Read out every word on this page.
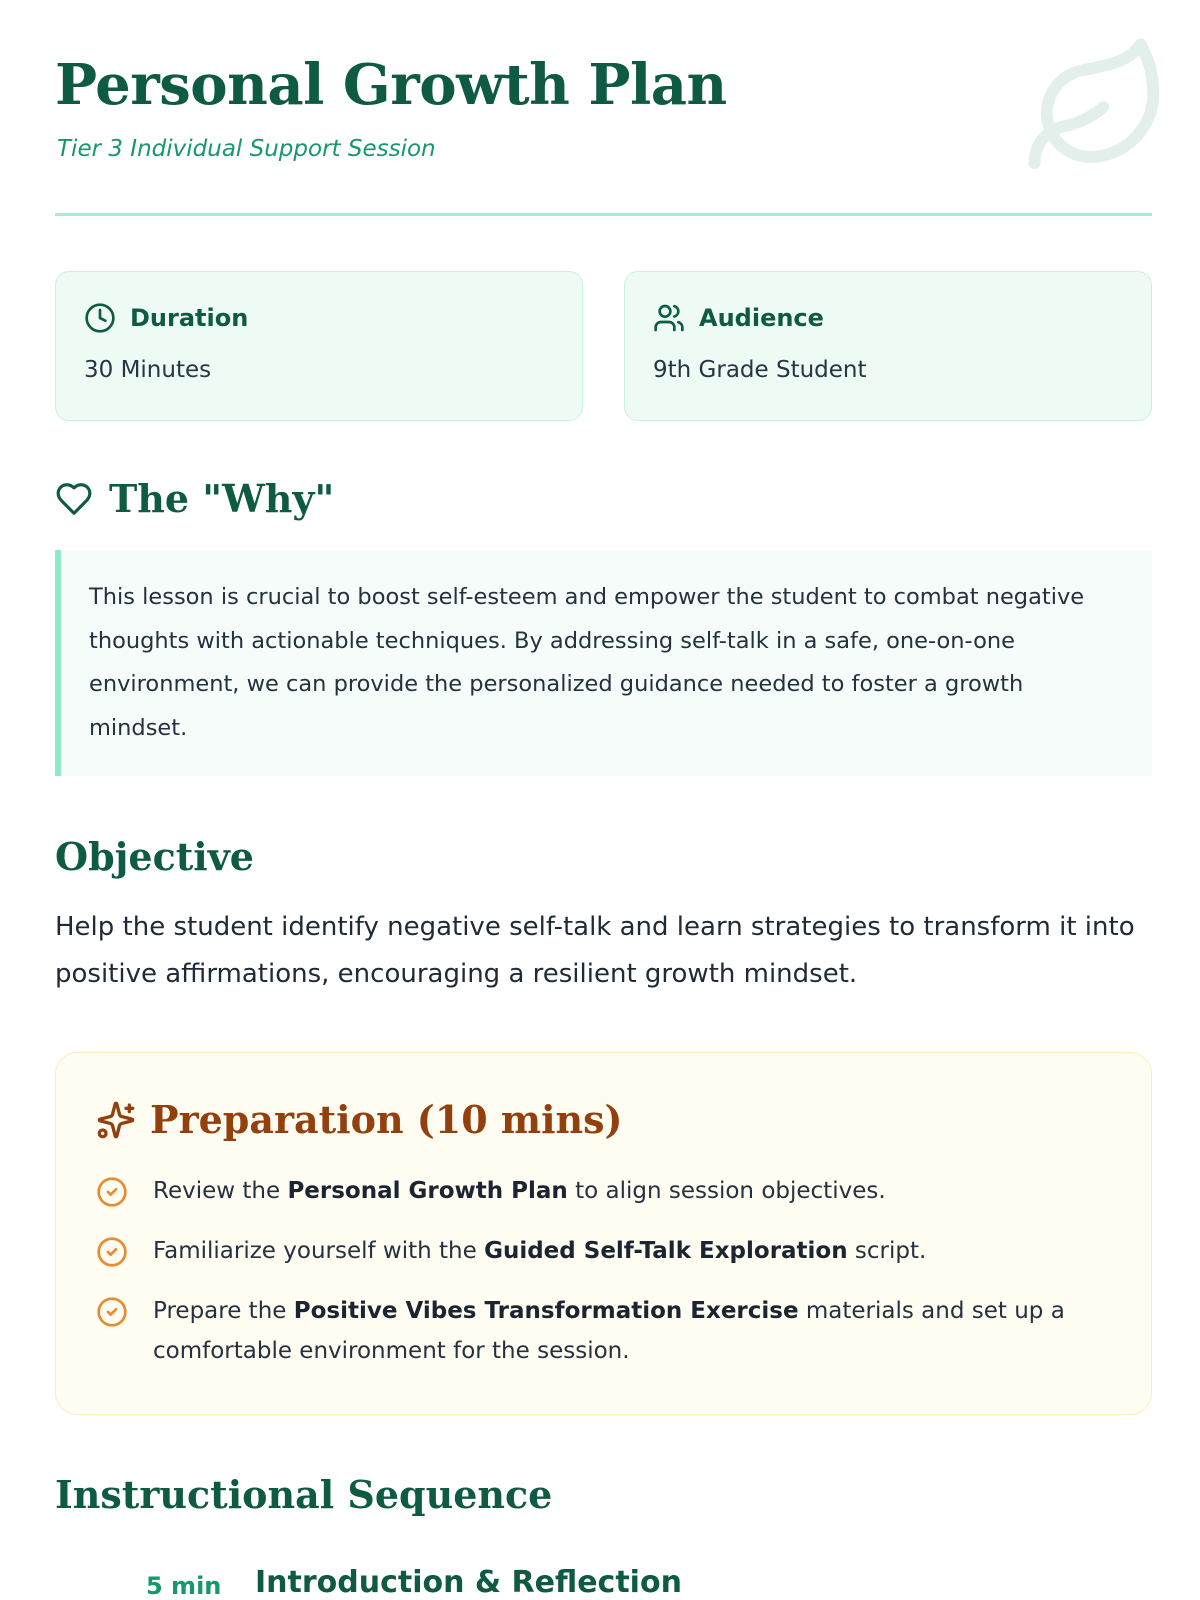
Personal Growth Plan
Tier 3 Individual Support Session
Duration
30 Minutes
Audience
9th Grade Student
The "Why"
This lesson is crucial to boost self-esteem and empower the student to combat negative thoughts with actionable techniques. By addressing self-talk in a safe, one-on-one environment, we can provide the personalized guidance needed to foster a growth mindset.
Objective

Help the student identify negative self-talk and learn strategies to transform it into positive affirmations, encouraging a resilient growth mindset.

Preparation (10 mins)
Review the Personal Growth Plan to align session objectives.
Familiarize yourself with the Guided Self-Talk Exploration script.
Prepare the Positive Vibes Transformation Exercise materials and set up a comfortable environment for the session.
Instructional Sequence
5 min Introduction & Reflection
